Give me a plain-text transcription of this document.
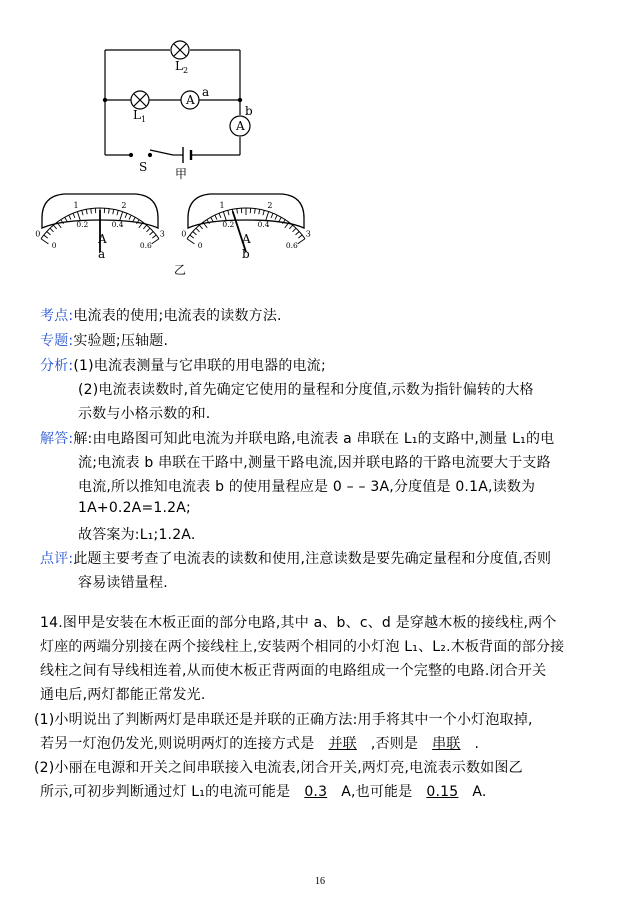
$L_2$
$L_1$
A
a
A
b
S 甲
0
1	2
3
0
0.2	0.4
0.6
0
1	2
3
0
0.2	0.4
0.6
A
a
A
b
乙
考点:电流表的使用;电流表的读数方法.
专题:实验题;压轴题.
分析:(1)电流表测量与它串联的用电器的电流;
(2)电流表读数时,首先确定它使用的量程和分度值,示数为指针偏转的大格
示数与小格示数的和.
解答:解:由电路图可知此电流为并联电路,电流表 a 串联在 L₁的支路中,测量 L₁的电
流;电流表 b 串联在干路中,测量干路电流,因并联电路的干路电流要大于支路
电流,所以推知电流表 b 的使用量程应是 0 – – 3A,分度值是 0.1A,读数为
1A+0.2A=1.2A;
故答案为:L₁;1.2A.
点评:此题主要考查了电流表的读数和使用,注意读数是要先确定量程和分度值,否则
容易读错量程.
14.图甲是安装在木板正面的部分电路,其中 a、b、c、d 是穿越木板的接线柱,两个
灯座的两端分别接在两个接线柱上,安装两个相同的小灯泡 L₁、L₂.木板背面的部分接
线柱之间有导线相连着,从而使木板正背两面的电路组成一个完整的电路.闭合开关
通电后,两灯都能正常发光.
(1)小明说出了判断两灯是串联还是并联的正确方法:用手将其中一个小灯泡取掉,
若另一灯泡仍发光,则说明两灯的连接方式是 并联 ,否则是 串联 .
(2)小丽在电源和开关之间串联接入电流表,闭合开关,两灯亮,电流表示数如图乙
所示,可初步判断通过灯 L₁的电流可能是 0.3 A,也可能是 0.15 A.
16
